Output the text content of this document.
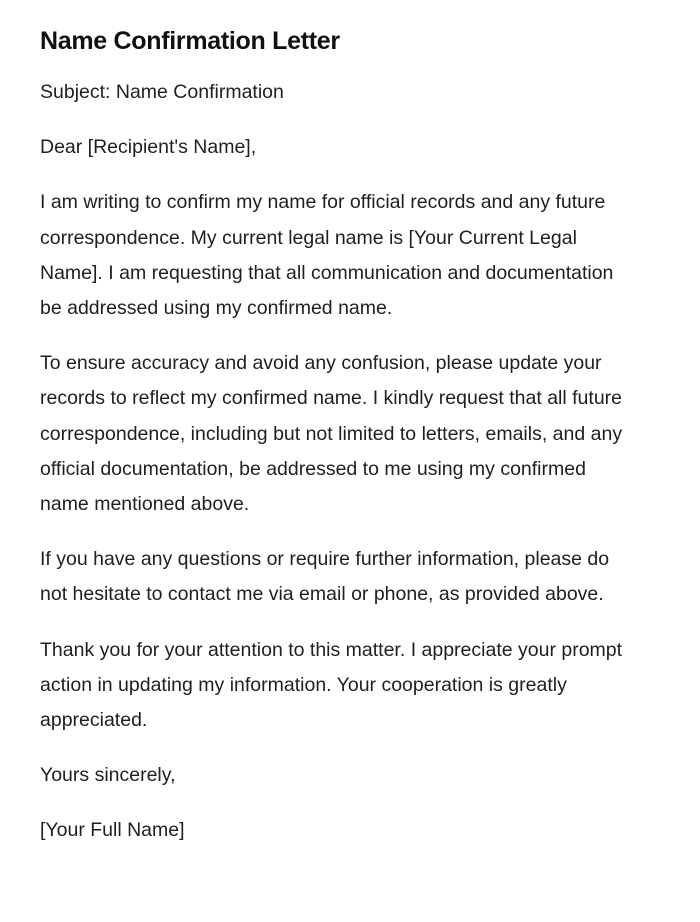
Name Confirmation Letter

Subject: Name Confirmation

Dear [Recipient's Name],

I am writing to confirm my name for official records and any future correspondence. My current legal name is [Your Current Legal Name]. I am requesting that all communication and documentation be addressed using my confirmed name.

To ensure accuracy and avoid any confusion, please update your records to reflect my confirmed name. I kindly request that all future correspondence, including but not limited to letters, emails, and any official documentation, be addressed to me using my confirmed name mentioned above.

If you have any questions or require further information, please do not hesitate to contact me via email or phone, as provided above.

Thank you for your attention to this matter. I appreciate your prompt action in updating my information. Your cooperation is greatly appreciated.

Yours sincerely,

[Your Full Name]
